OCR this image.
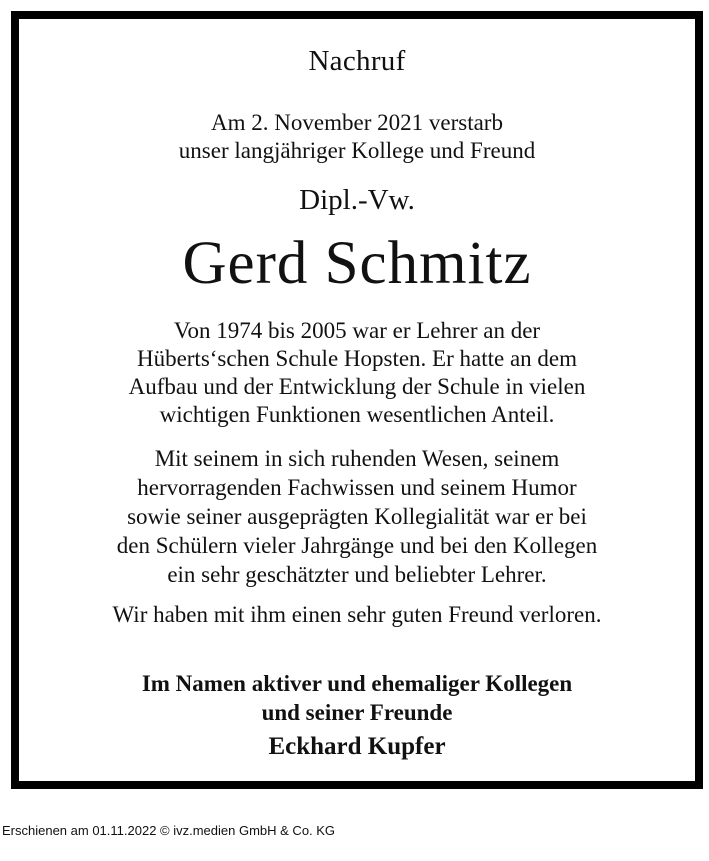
Nachruf
Am 2. November 2021 verstarb
unser langjähriger Kollege und Freund
Dipl.-Vw.
Gerd Schmitz
Von 1974 bis 2005 war er Lehrer an der
Hüberts‘schen Schule Hopsten. Er hatte an dem
Aufbau und der Entwicklung der Schule in vielen
wichtigen Funktionen wesentlichen Anteil.
Mit seinem in sich ruhenden Wesen, seinem
hervorragenden Fachwissen und seinem Humor
sowie seiner ausgeprägten Kollegialität war er bei
den Schülern vieler Jahrgänge und bei den Kollegen
ein sehr geschätzter und beliebter Lehrer.
Wir haben mit ihm einen sehr guten Freund verloren.
Im Namen aktiver und ehemaliger Kollegen
und seiner Freunde
Eckhard Kupfer
Erschienen am 01.11.2022 © ivz.medien GmbH & Co. KG
